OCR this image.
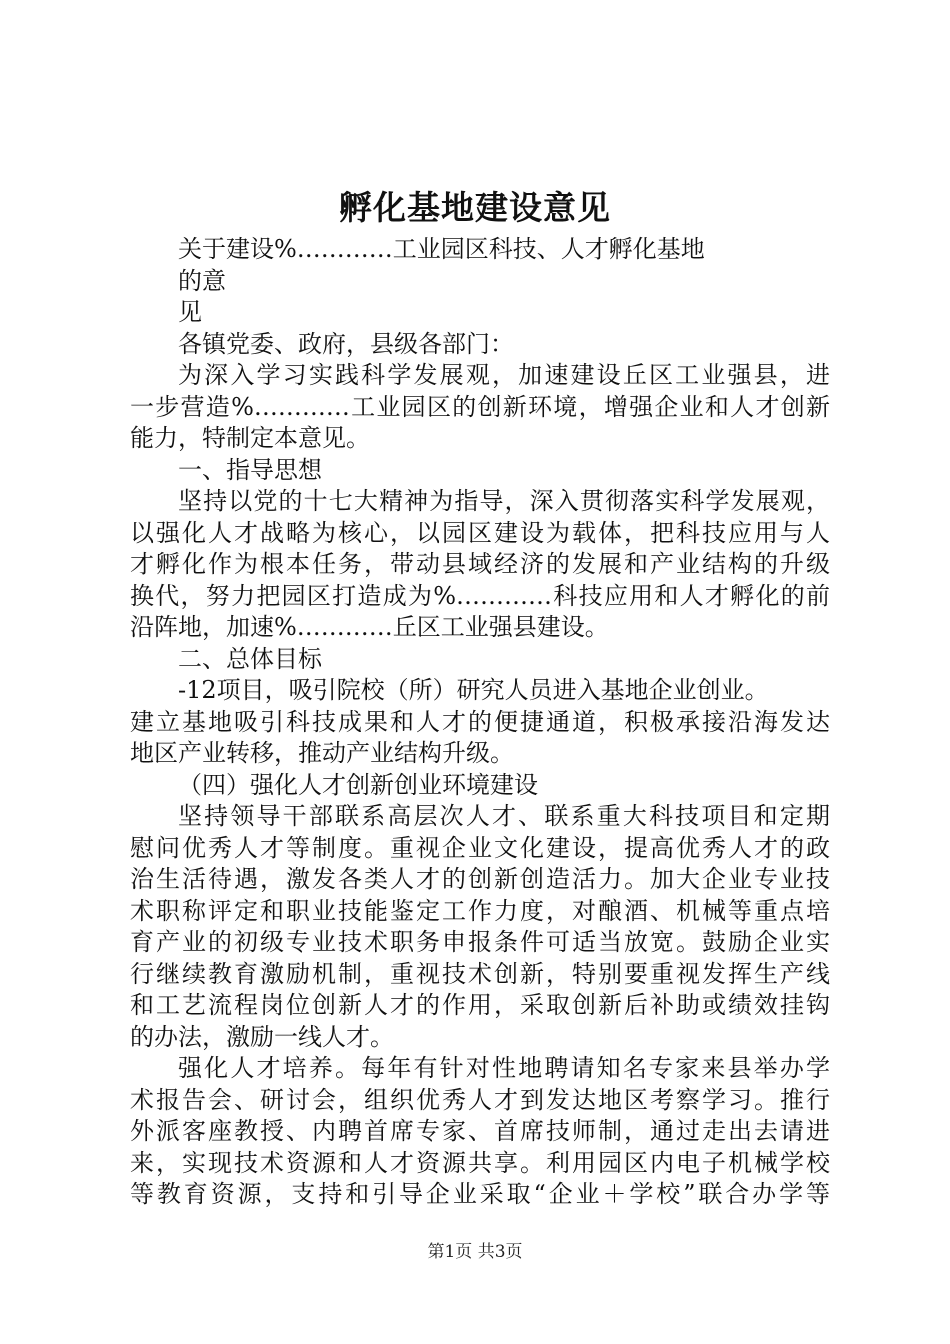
孵化基地建设意见
关于建设%…………工业园区科技、人才孵化基地
的意
见
各镇党委、政府，县级各部门：
为深入学习实践科学发展观，加速建设丘区工业强县，进
一步营造%…………工业园区的创新环境，增强企业和人才创新
能力，特制定本意见。
一、指导思想
坚持以党的十七大精神为指导，深入贯彻落实科学发展观，
以强化人才战略为核心，以园区建设为载体，把科技应用与人
才孵化作为根本任务，带动县域经济的发展和产业结构的升级
换代，努力把园区打造成为%…………科技应用和人才孵化的前
沿阵地，加速%…………丘区工业强县建设。
二、总体目标
-12项目，吸引院校（所）研究人员进入基地企业创业。
建立基地吸引科技成果和人才的便捷通道，积极承接沿海发达
地区产业转移，推动产业结构升级。
（四）强化人才创新创业环境建设
坚持领导干部联系高层次人才、联系重大科技项目和定期
慰问优秀人才等制度。重视企业文化建设，提高优秀人才的政
治生活待遇，激发各类人才的创新创造活力。加大企业专业技
术职称评定和职业技能鉴定工作力度，对酿酒、机械等重点培
育产业的初级专业技术职务申报条件可适当放宽。鼓励企业实
行继续教育激励机制，重视技术创新，特别要重视发挥生产线
和工艺流程岗位创新人才的作用，采取创新后补助或绩效挂钩
的办法，激励一线人才。
强化人才培养。每年有针对性地聘请知名专家来县举办学
术报告会、研讨会，组织优秀人才到发达地区考察学习。推行
外派客座教授、内聘首席专家、首席技师制，通过走出去请进
来，实现技术资源和人才资源共享。利用园区内电子机械学校
等教育资源，支持和引导企业采取“企业＋学校”联合办学等
第1页 共3页
